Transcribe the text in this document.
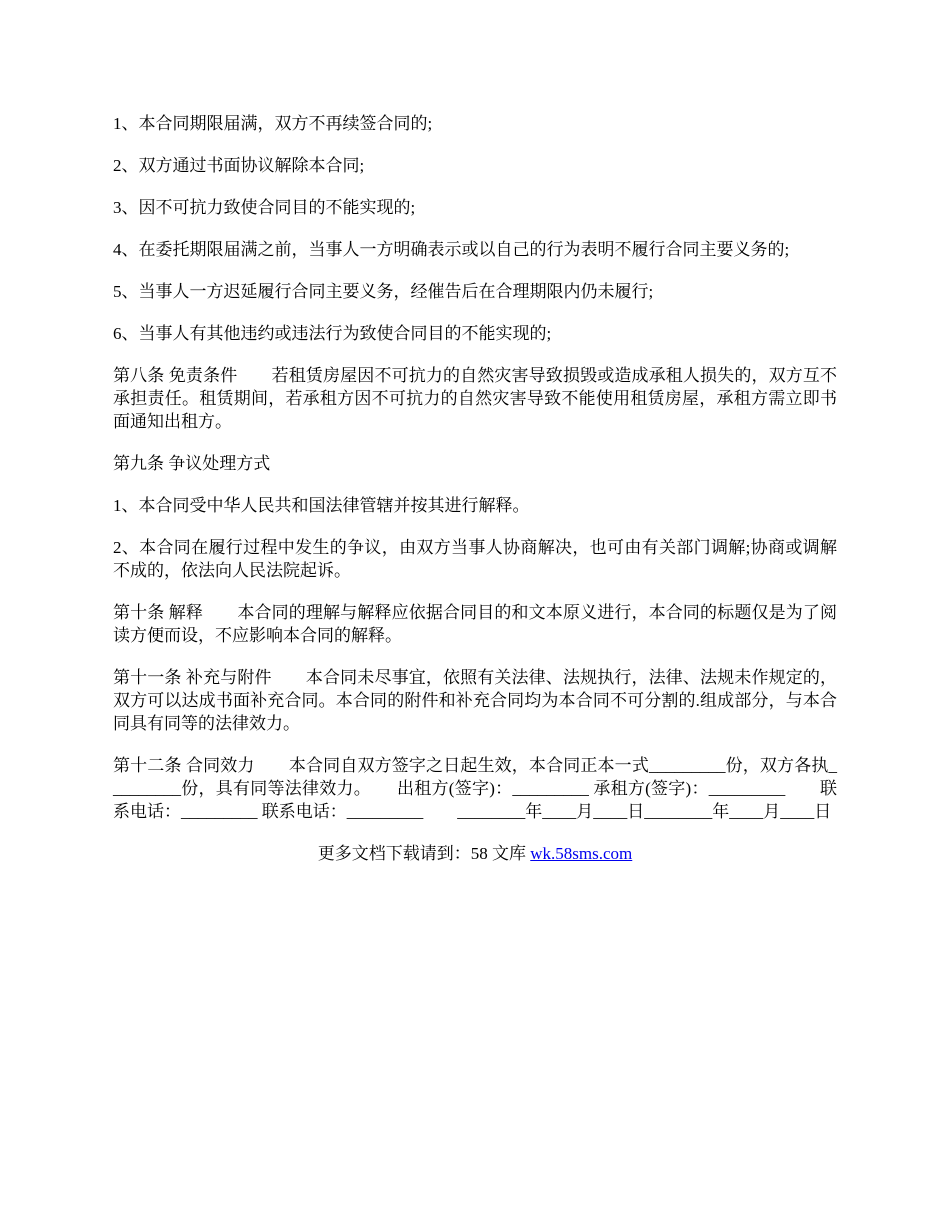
1、本合同期限届满，双方不再续签合同的;

2、双方通过书面协议解除本合同;

3、因不可抗力致使合同目的不能实现的;

4、在委托期限届满之前，当事人一方明确表示或以自己的行为表明不履行合同主要义务的;

5、当事人一方迟延履行合同主要义务，经催告后在合理期限内仍未履行;

6、当事人有其他违约或违法行为致使合同目的不能实现的;

第八条 免责条件　　若租赁房屋因不可抗力的自然灾害导致损毁或造成承租人损失的，双方互不承担责任。租赁期间，若承租方因不可抗力的自然灾害导致不能使用租赁房屋，承租方需立即书面通知出租方。

第九条 争议处理方式

1、本合同受中华人民共和国法律管辖并按其进行解释。

2、本合同在履行过程中发生的争议，由双方当事人协商解决，也可由有关部门调解;协商或调解不成的，依法向人民法院起诉。

第十条 解释　　本合同的理解与解释应依据合同目的和文本原义进行，本合同的标题仅是为了阅读方便而设，不应影响本合同的解释。

第十一条 补充与附件　　本合同未尽事宜，依照有关法律、法规执行，法律、法规未作规定的，双方可以达成书面补充合同。本合同的附件和补充合同均为本合同不可分割的.组成部分，与本合同具有同等的法律效力。

第十二条 合同效力　　本合同自双方签字之日起生效，本合同正本一式_________份，双方各执_________份，具有同等法律效力。　　出租方(签字)：_________ 承租方(签字)：_________　　联系电话：_________ 联系电话：_________　　________年____月____日________年____月____日

更多文档下载请到：58 文库 wk.58sms.com
